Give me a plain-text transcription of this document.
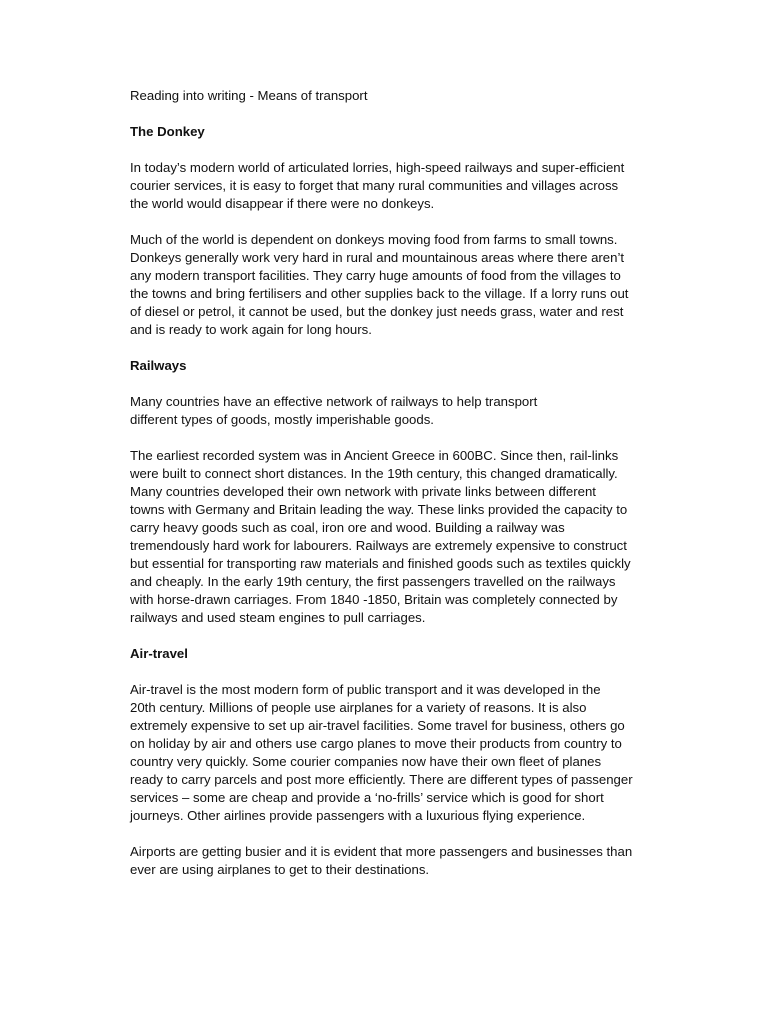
Reading into writing - Means of transport

The Donkey

In today’s modern world of articulated lorries, high-speed railways and super-efficient
courier services, it is easy to forget that many rural communities and villages across
the world would disappear if there were no donkeys.

Much of the world is dependent on donkeys moving food from farms to small towns.
Donkeys generally work very hard in rural and mountainous areas where there aren’t
any modern transport facilities. They carry huge amounts of food from the villages to
the towns and bring fertilisers and other supplies back to the village. If a lorry runs out
of diesel or petrol, it cannot be used, but the donkey just needs grass, water and rest
and is ready to work again for long hours.

Railways

Many countries have an effective network of railways to help transport
different types of goods, mostly imperishable goods.

The earliest recorded system was in Ancient Greece in 600BC. Since then, rail-links
were built to connect short distances. In the 19th century, this changed dramatically.
Many countries developed their own network with private links between different
towns with Germany and Britain leading the way. These links provided the capacity to
carry heavy goods such as coal, iron ore and wood. Building a railway was
tremendously hard work for labourers. Railways are extremely expensive to construct
but essential for transporting raw materials and finished goods such as textiles quickly
and cheaply. In the early 19th century, the first passengers travelled on the railways
with horse-drawn carriages. From 1840 -1850, Britain was completely connected by
railways and used steam engines to pull carriages.

Air-travel

Air-travel is the most modern form of public transport and it was developed in the
20th century. Millions of people use airplanes for a variety of reasons. It is also
extremely expensive to set up air-travel facilities. Some travel for business, others go
on holiday by air and others use cargo planes to move their products from country to
country very quickly. Some courier companies now have their own fleet of planes
ready to carry parcels and post more efficiently. There are different types of passenger
services – some are cheap and provide a ‘no-frills’ service which is good for short
journeys. Other airlines provide passengers with a luxurious flying experience.

Airports are getting busier and it is evident that more passengers and businesses than
ever are using airplanes to get to their destinations.
